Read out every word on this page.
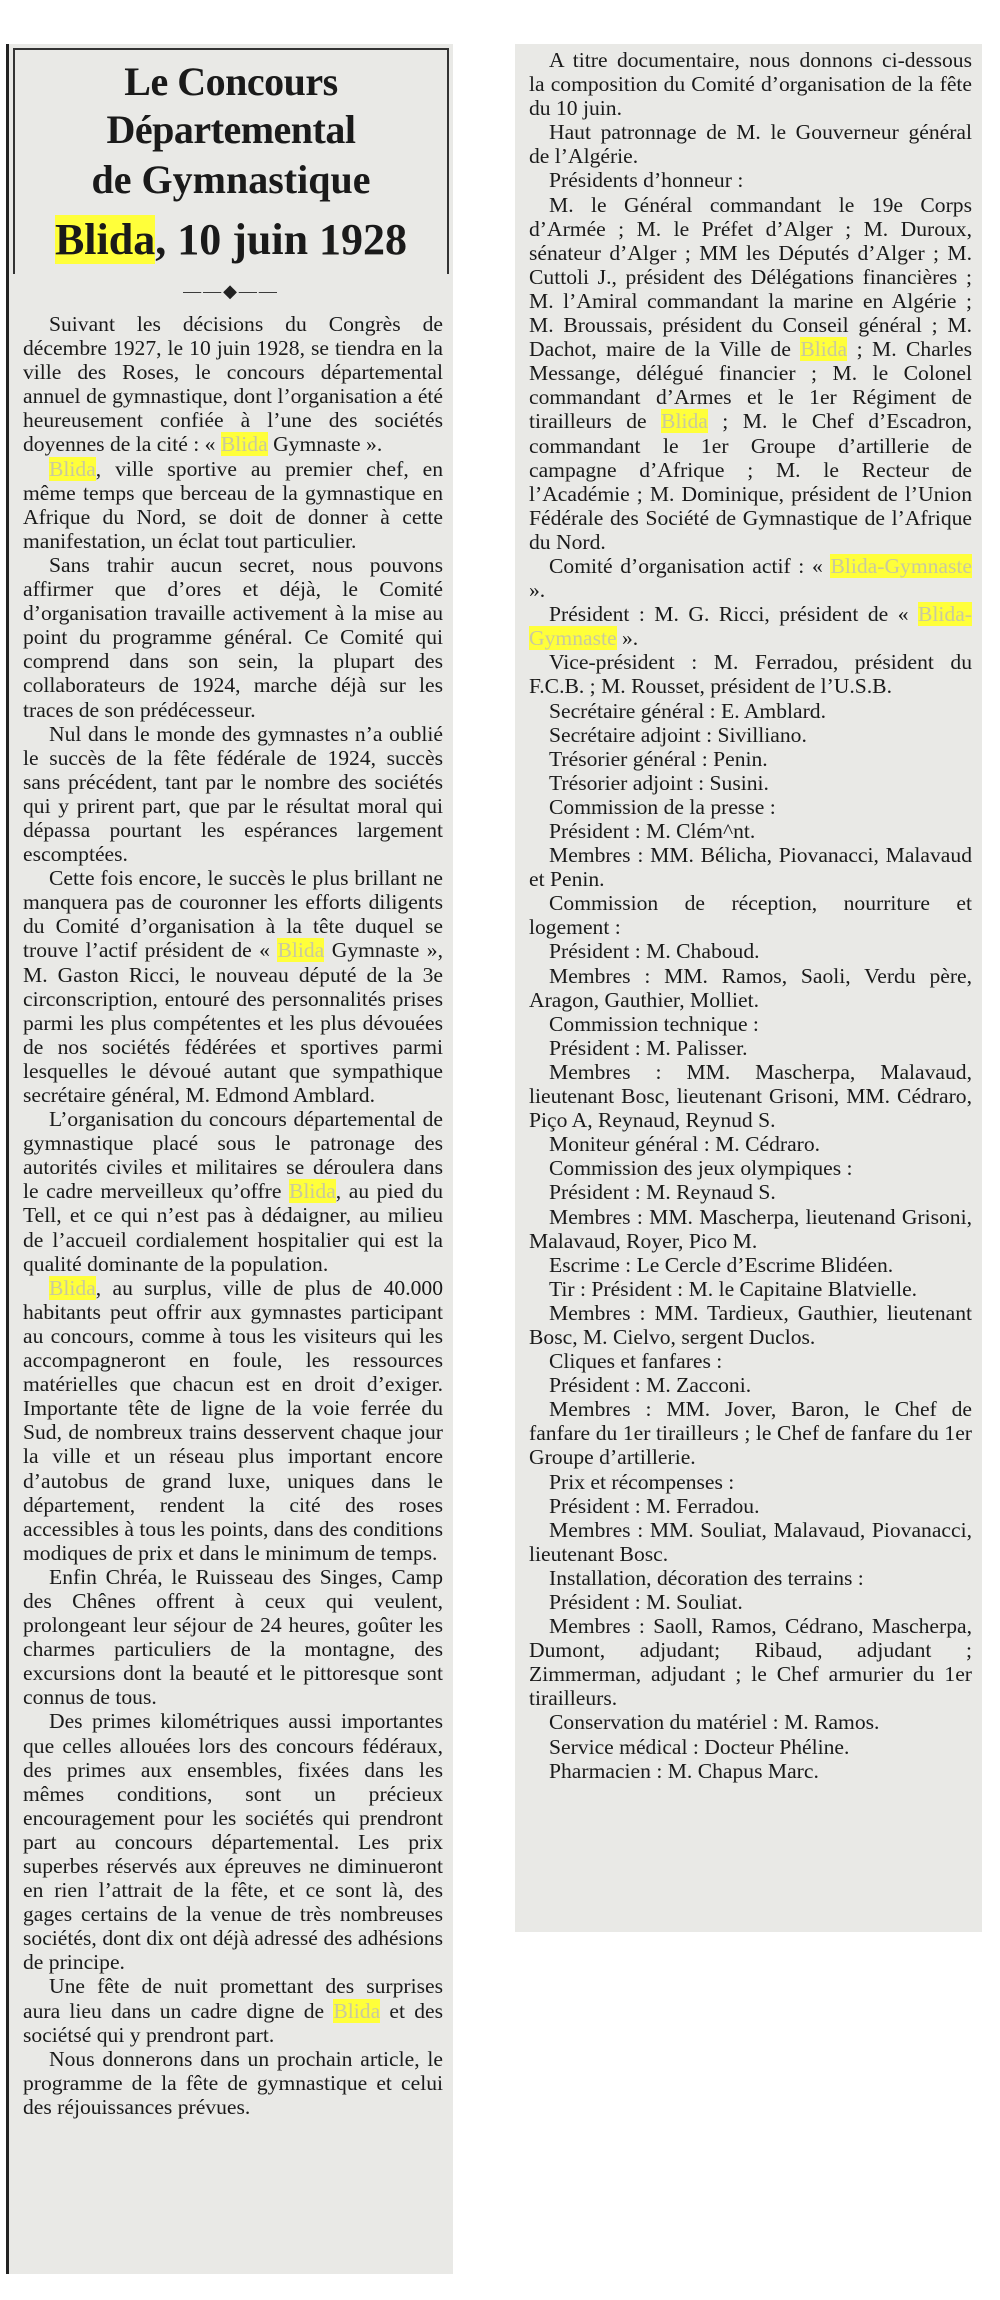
Le Concours Départemental
de Gymnastique
Blida, 10 juin 1928
——◆——

Suivant les décisions du Congrès de décembre 1927, le 10 juin 1928, se tiendra en la ville des Roses, le concours départemental annuel de gymnastique, dont l’organisation a été heureusement confiée à l’une des sociétés doyennes de la cité : « Blida Gymnaste ».

Blida, ville sportive au premier chef, en même temps que berceau de la gymnastique en Afrique du Nord, se doit de donner à cette manifestation, un éclat tout particulier.

Sans trahir aucun secret, nous pouvons affirmer que d’ores et déjà, le Comité d’organisation travaille activement à la mise au point du programme général. Ce Comité qui comprend dans son sein, la plupart des collaborateurs de 1924, marche déjà sur les traces de son prédécesseur.

Nul dans le monde des gymnastes n’a oublié le succès de la fête fédérale de 1924, succès sans précédent, tant par le nombre des sociétés qui y prirent part, que par le résultat moral qui dépassa pourtant les espérances largement escomptées.

Cette fois encore, le succès le plus brillant ne manquera pas de couronner les efforts diligents du Comité d’organisation à la tête duquel se trouve l’actif président de « Blida Gymnaste », M. Gaston Ricci, le nouveau député de la 3e circonscription, entouré des personnalités prises parmi les plus compétentes et les plus dévouées de nos sociétés fédérées et sportives parmi lesquelles le dévoué autant que sympathique secrétaire général, M. Edmond Amblard.

L’organisation du concours départemental de gymnastique placé sous le patronage des autorités civiles et militaires se déroulera dans le cadre merveilleux qu’offre Blida, au pied du Tell, et ce qui n’est pas à dédaigner, au milieu de l’accueil cordialement hospitalier qui est la qualité dominante de la population.

Blida, au surplus, ville de plus de 40.000 habitants peut offrir aux gymnastes participant au concours, comme à tous les visiteurs qui les accompagneront en foule, les ressources matérielles que chacun est en droit d’exiger. Importante tête de ligne de la voie ferrée du Sud, de nombreux trains desservent chaque jour la ville et un réseau plus important encore d’autobus de grand luxe, uniques dans le département, rendent la cité des roses accessibles à tous les points, dans des conditions modiques de prix et dans le minimum de temps.

Enfin Chréa, le Ruisseau des Singes, Camp des Chênes offrent à ceux qui veulent, prolongeant leur séjour de 24 heures, goûter les charmes particuliers de la montagne, des excursions dont la beauté et le pittoresque sont connus de tous.

Des primes kilométriques aussi importantes que celles allouées lors des concours fédéraux, des primes aux ensembles, fixées dans les mêmes conditions, sont un précieux encouragement pour les sociétés qui prendront part au concours départemental. Les prix superbes réservés aux épreuves ne diminueront en rien l’attrait de la fête, et ce sont là, des gages certains de la venue de très nombreuses sociétés, dont dix ont déjà adressé des adhésions de principe.

Une fête de nuit promettant des surprises aura lieu dans un cadre digne de Blida et des sociétsé qui y prendront part.

Nous donnerons dans un prochain article, le programme de la fête de gymnastique et celui des réjouissances prévues.

A titre documentaire, nous donnons ci-dessous la composition du Comité d’organisation de la fête du 10 juin.

Haut patronnage de M. le Gouverneur général de l’Algérie.

Présidents d’honneur :

M. le Général commandant le 19e Corps d’Armée ; M. le Préfet d’Alger ; M. Duroux, sénateur d’Alger ; MM les Députés d’Alger ; M. Cuttoli J., président des Délégations financières ; M. l’Amiral commandant la marine en Algérie ; M. Broussais, président du Conseil général ; M. Dachot, maire de la Ville de Blida ; M. Charles Messange, délégué financier ; M. le Colonel commandant d’Armes et le 1er Régiment de tirailleurs de Blida ; M. le Chef d’Escadron, commandant le 1er Groupe d’artillerie de campagne d’Afrique ; M. le Recteur de l’Académie ; M. Dominique, président de l’Union Fédérale des Société de Gymnastique de l’Afrique du Nord.

Comité d’organisation actif : « Blida-Gymnaste ».

Président : M. G. Ricci, président de « Blida-Gymnaste ».

Vice-président : M. Ferradou, président du F.C.B. ; M. Rousset, président de l’U.S.B.

Secrétaire général : E. Amblard.

Secrétaire adjoint : Sivilliano.

Trésorier général : Penin.

Trésorier adjoint : Susini.

Commission de la presse :

Président : M. Clém^nt.

Membres : MM. Bélicha, Piovanacci, Malavaud et Penin.

Commission de réception, nourriture et logement :

Président : M. Chaboud.

Membres : MM. Ramos, Saoli, Verdu père, Aragon, Gauthier, Molliet.

Commission technique :

Président : M. Palisser.

Membres : MM. Mascherpa, Malavaud, lieutenant Bosc, lieutenant Grisoni, MM. Cédraro, Piço A, Reynaud, Reynud S.

Moniteur général : M. Cédraro.

Commission des jeux olympiques :

Président : M. Reynaud S.

Membres : MM. Mascherpa, lieutenand Grisoni, Malavaud, Royer, Pico M.

Escrime : Le Cercle d’Escrime Blidéen.

Tir : Président : M. le Capitaine Blatvielle.

Membres : MM. Tardieux, Gauthier, lieutenant Bosc, M. Cielvo, sergent Duclos.

Cliques et fanfares :

Président : M. Zacconi.

Membres : MM. Jover, Baron, le Chef de fanfare du 1er tirailleurs ; le Chef de fanfare du 1er Groupe d’artillerie.

Prix et récompenses :

Président : M. Ferradou.

Membres : MM. Souliat, Malavaud, Piovanacci, lieutenant Bosc.

Installation, décoration des terrains :

Président : M. Souliat.

Membres : Saoll, Ramos, Cédrano, Mascherpa, Dumont, adjudant; Ribaud, adjudant ; Zimmerman, adjudant ; le Chef armurier du 1er tirailleurs.

Conservation du matériel : M. Ramos.

Service médical : Docteur Phéline.

Pharmacien : M. Chapus Marc.
